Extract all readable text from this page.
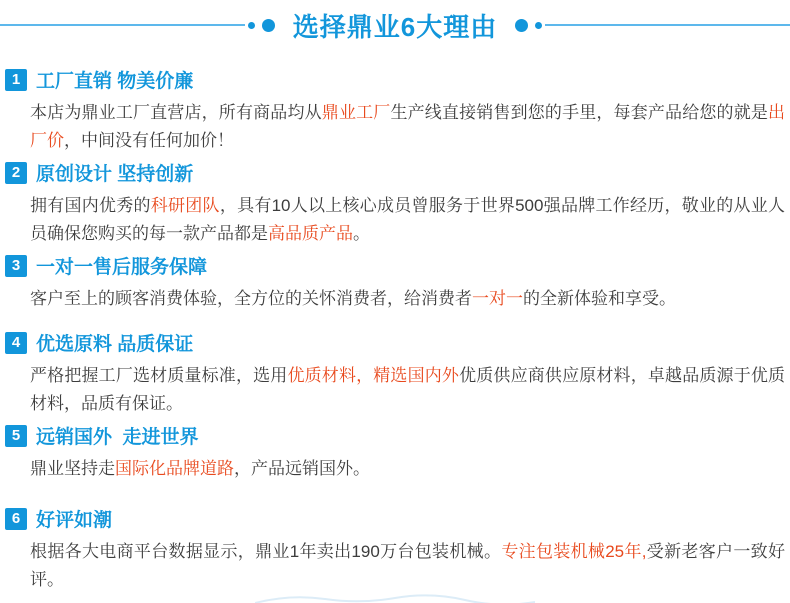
选择鼎业6大理由
1 工厂直销 物美价廉

本店为鼎业工厂直营店，所有商品均从鼎业工厂生产线直接销售到您的手里，每套产品给您的就是出厂价，中间没有任何加价！

2 原创设计 坚持创新

拥有国内优秀的科研团队，具有10人以上核心成员曾服务于世界500强品牌工作经历，敬业的从业人员确保您购买的每一款产品都是高品质产品。

3 一对一售后服务保障

客户至上的顾客消费体验，全方位的关怀消费者，给消费者一对一的全新体验和享受。

4 优选原料 品质保证

严格把握工厂选材质量标准，选用优质材料，精选国内外优质供应商供应原材料，卓越品质源于优质材料，品质有保证。

5 远销国外  走进世界

鼎业坚持走国际化品牌道路，产品远销国外。

6 好评如潮

根据各大电商平台数据显示，鼎业1年卖出190万台包装机械。专注包装机械25年,受新老客户一致好评。
